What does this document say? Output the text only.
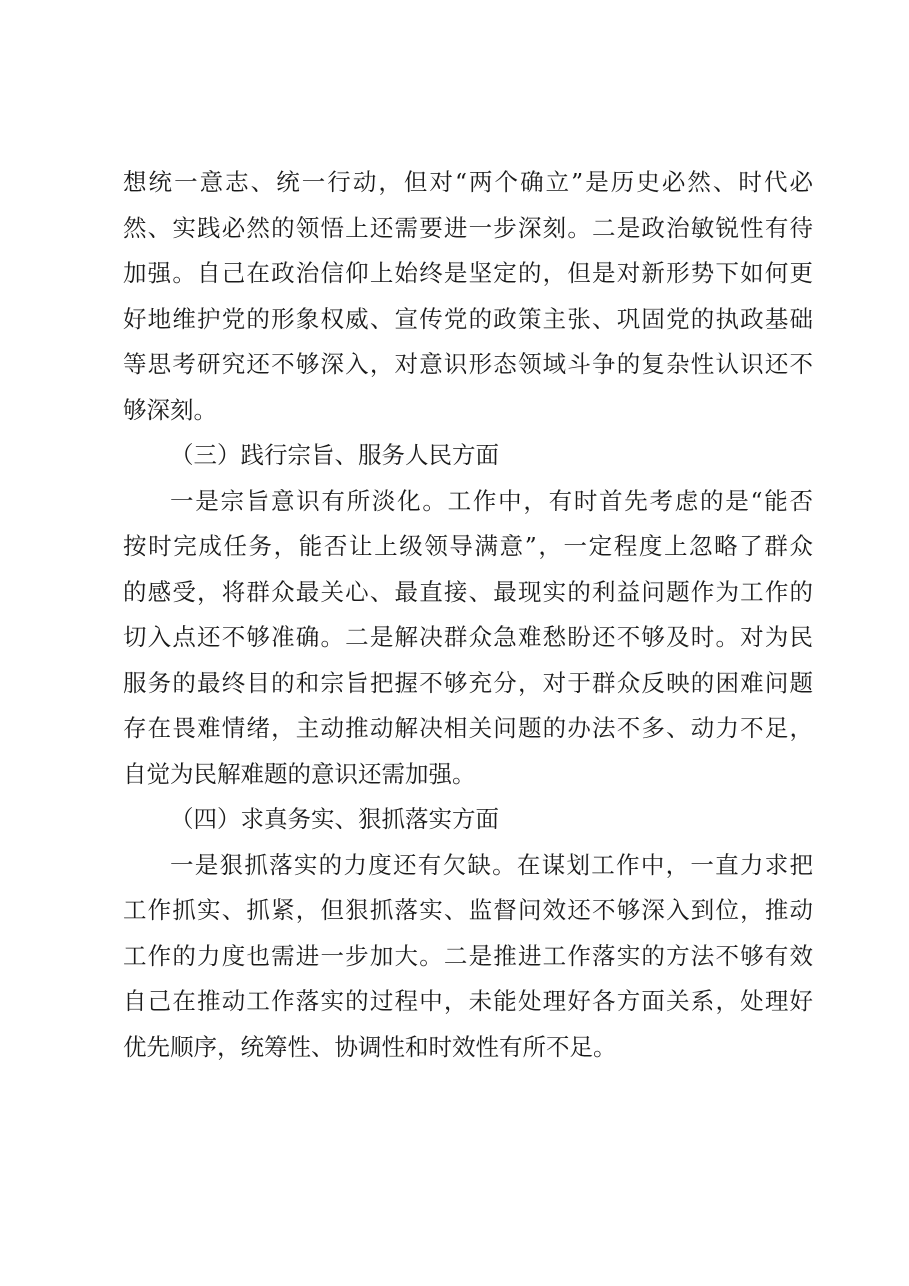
想统一意志、统一行动，但对“两个确立”是历史必然、时代必
然、实践必然的领悟上还需要进一步深刻。二是政治敏锐性有待
加强。自己在政治信仰上始终是坚定的，但是对新形势下如何更
好地维护党的形象权威、宣传党的政策主张、巩固党的执政基础
等思考研究还不够深入，对意识形态领域斗争的复杂性认识还不
够深刻。
（三）践行宗旨、服务人民方面
一是宗旨意识有所淡化。工作中，有时首先考虑的是“能否
按时完成任务，能否让上级领导满意”，一定程度上忽略了群众
的感受，将群众最关心、最直接、最现实的利益问题作为工作的
切入点还不够准确。二是解决群众急难愁盼还不够及时。对为民
服务的最终目的和宗旨把握不够充分，对于群众反映的困难问题
存在畏难情绪，主动推动解决相关问题的办法不多、动力不足，
自觉为民解难题的意识还需加强。
（四）求真务实、狠抓落实方面
一是狠抓落实的力度还有欠缺。在谋划工作中，一直力求把
工作抓实、抓紧，但狠抓落实、监督问效还不够深入到位，推动
工作的力度也需进一步加大。二是推进工作落实的方法不够有效
自己在推动工作落实的过程中，未能处理好各方面关系，处理好
优先顺序，统筹性、协调性和时效性有所不足。
